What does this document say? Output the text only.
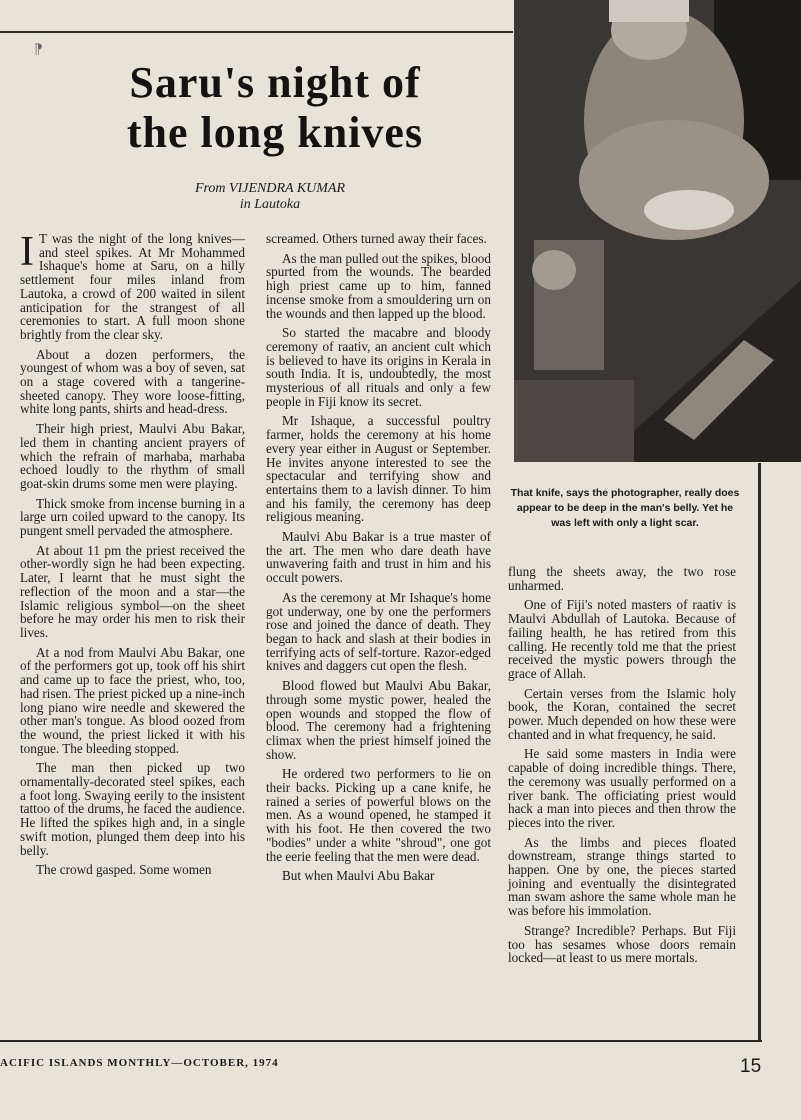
⁋
Saru's night of
the long knives
From VIJENDRA KUMAR
in Lautoka
That knife, says the photographer, really does appear to be deep in the man's belly. Yet he was left with only a light scar.

I T was the night of the long knives—and steel spikes. At Mr Mohammed Ishaque's home at Saru, on a hilly settlement four miles inland from Lautoka, a crowd of 200 waited in silent anticipation for the strangest of all ceremonies to start. A full moon shone brightly from the clear sky.

About a dozen performers, the youngest of whom was a boy of seven, sat on a stage covered with a tangerine-sheeted canopy. They wore loose-fitting, white long pants, shirts and head-dress.

Their high priest, Maulvi Abu Bakar, led them in chanting ancient prayers of which the refrain of marhaba, marhaba echoed loudly to the rhythm of small goat-skin drums some men were playing.

Thick smoke from incense burning in a large urn coiled upward to the canopy. Its pungent smell pervaded the atmosphere.

At about 11 pm the priest received the other-wordly sign he had been expecting. Later, I learnt that he must sight the reflection of the moon and a star—the Islamic religious symbol—on the sheet before he may order his men to risk their lives.

At a nod from Maulvi Abu Bakar, one of the performers got up, took off his shirt and came up to face the priest, who, too, had risen. The priest picked up a nine-inch long piano wire needle and skewered the other man's tongue. As blood oozed from the wound, the priest licked it with his tongue. The bleeding stopped.

The man then picked up two ornamentally-decorated steel spikes, each a foot long. Swaying eerily to the insistent tattoo of the drums, he faced the audience. He lifted the spikes high and, in a single swift motion, plunged them deep into his belly.

The crowd gasped. Some women

screamed. Others turned away their faces.

As the man pulled out the spikes, blood spurted from the wounds. The bearded high priest came up to him, fanned incense smoke from a smouldering urn on the wounds and then lapped up the blood.

So started the macabre and bloody ceremony of raativ, an ancient cult which is believed to have its origins in Kerala in south India. It is, undoubtedly, the most mysterious of all rituals and only a few people in Fiji know its secret.

Mr Ishaque, a successful poultry farmer, holds the ceremony at his home every year either in August or September. He invites anyone interested to see the spectacular and terrifying show and entertains them to a lavish dinner. To him and his family, the ceremony has deep religious meaning.

Maulvi Abu Bakar is a true master of the art. The men who dare death have unwavering faith and trust in him and his occult powers.

As the ceremony at Mr Ishaque's home got underway, one by one the performers rose and joined the dance of death. They began to hack and slash at their bodies in terrifying acts of self-torture. Razor-edged knives and daggers cut open the flesh.

Blood flowed but Maulvi Abu Bakar, through some mystic power, healed the open wounds and stopped the flow of blood. The ceremony had a frightening climax when the priest himself joined the show.

He ordered two performers to lie on their backs. Picking up a cane knife, he rained a series of powerful blows on the men. As a wound opened, he stamped it with his foot. He then covered the two "bodies" under a white "shroud", one got the eerie feeling that the men were dead.

But when Maulvi Abu Bakar

flung the sheets away, the two rose unharmed.

One of Fiji's noted masters of raativ is Maulvi Abdullah of Lautoka. Because of failing health, he has retired from this calling. He recently told me that the priest received the mystic powers through the grace of Allah.

Certain verses from the Islamic holy book, the Koran, contained the secret power. Much depended on how these were chanted and in what frequency, he said.

He said some masters in India were capable of doing incredible things. There, the ceremony was usually performed on a river bank. The officiating priest would hack a man into pieces and then throw the pieces into the river.

As the limbs and pieces floated downstream, strange things started to happen. One by one, the pieces started joining and eventually the disintegrated man swam ashore the same whole man he was before his immolation.

Strange? Incredible? Perhaps. But Fiji too has sesames whose doors remain locked—at least to us mere mortals.

ACIFIC ISLANDS MONTHLY—OCTOBER, 1974	15
